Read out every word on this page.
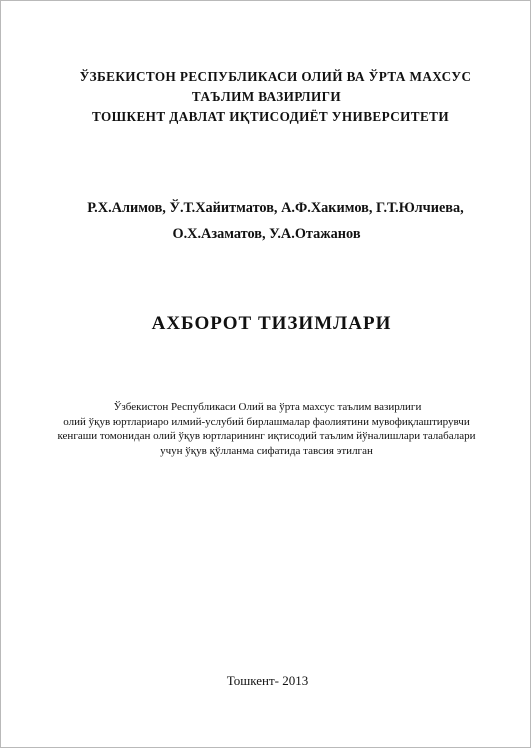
ЎЗБЕКИСТОН РЕСПУБЛИКАСИ ОЛИЙ ВА ЎРТА МАХСУС
ТАЪЛИМ ВАЗИРЛИГИ
ТОШКЕНТ ДАВЛАТ ИҚТИСОДИЁТ УНИВЕРСИТЕТИ
Р.Х.Алимов, Ў.Т.Хайитматов, А.Ф.Хакимов, Г.Т.Юлчиева,
О.Х.Азаматов, У.А.Отажанов
АХБОРОТ ТИЗИМЛАРИ
Ўзбекистон Республикаси Олий ва ўрта махсус таълим вазирлиги
олий ўқув юртлариаро илмий-услубий бирлашмалар фаолиятини мувофиқлаштирувчи
кенгаши томонидан олий ўқув юртларининг иқтисодий таълим йўналишлари талабалари
учун ўқув қўлланма сифатида тавсия этилган
Тошкент- 2013
